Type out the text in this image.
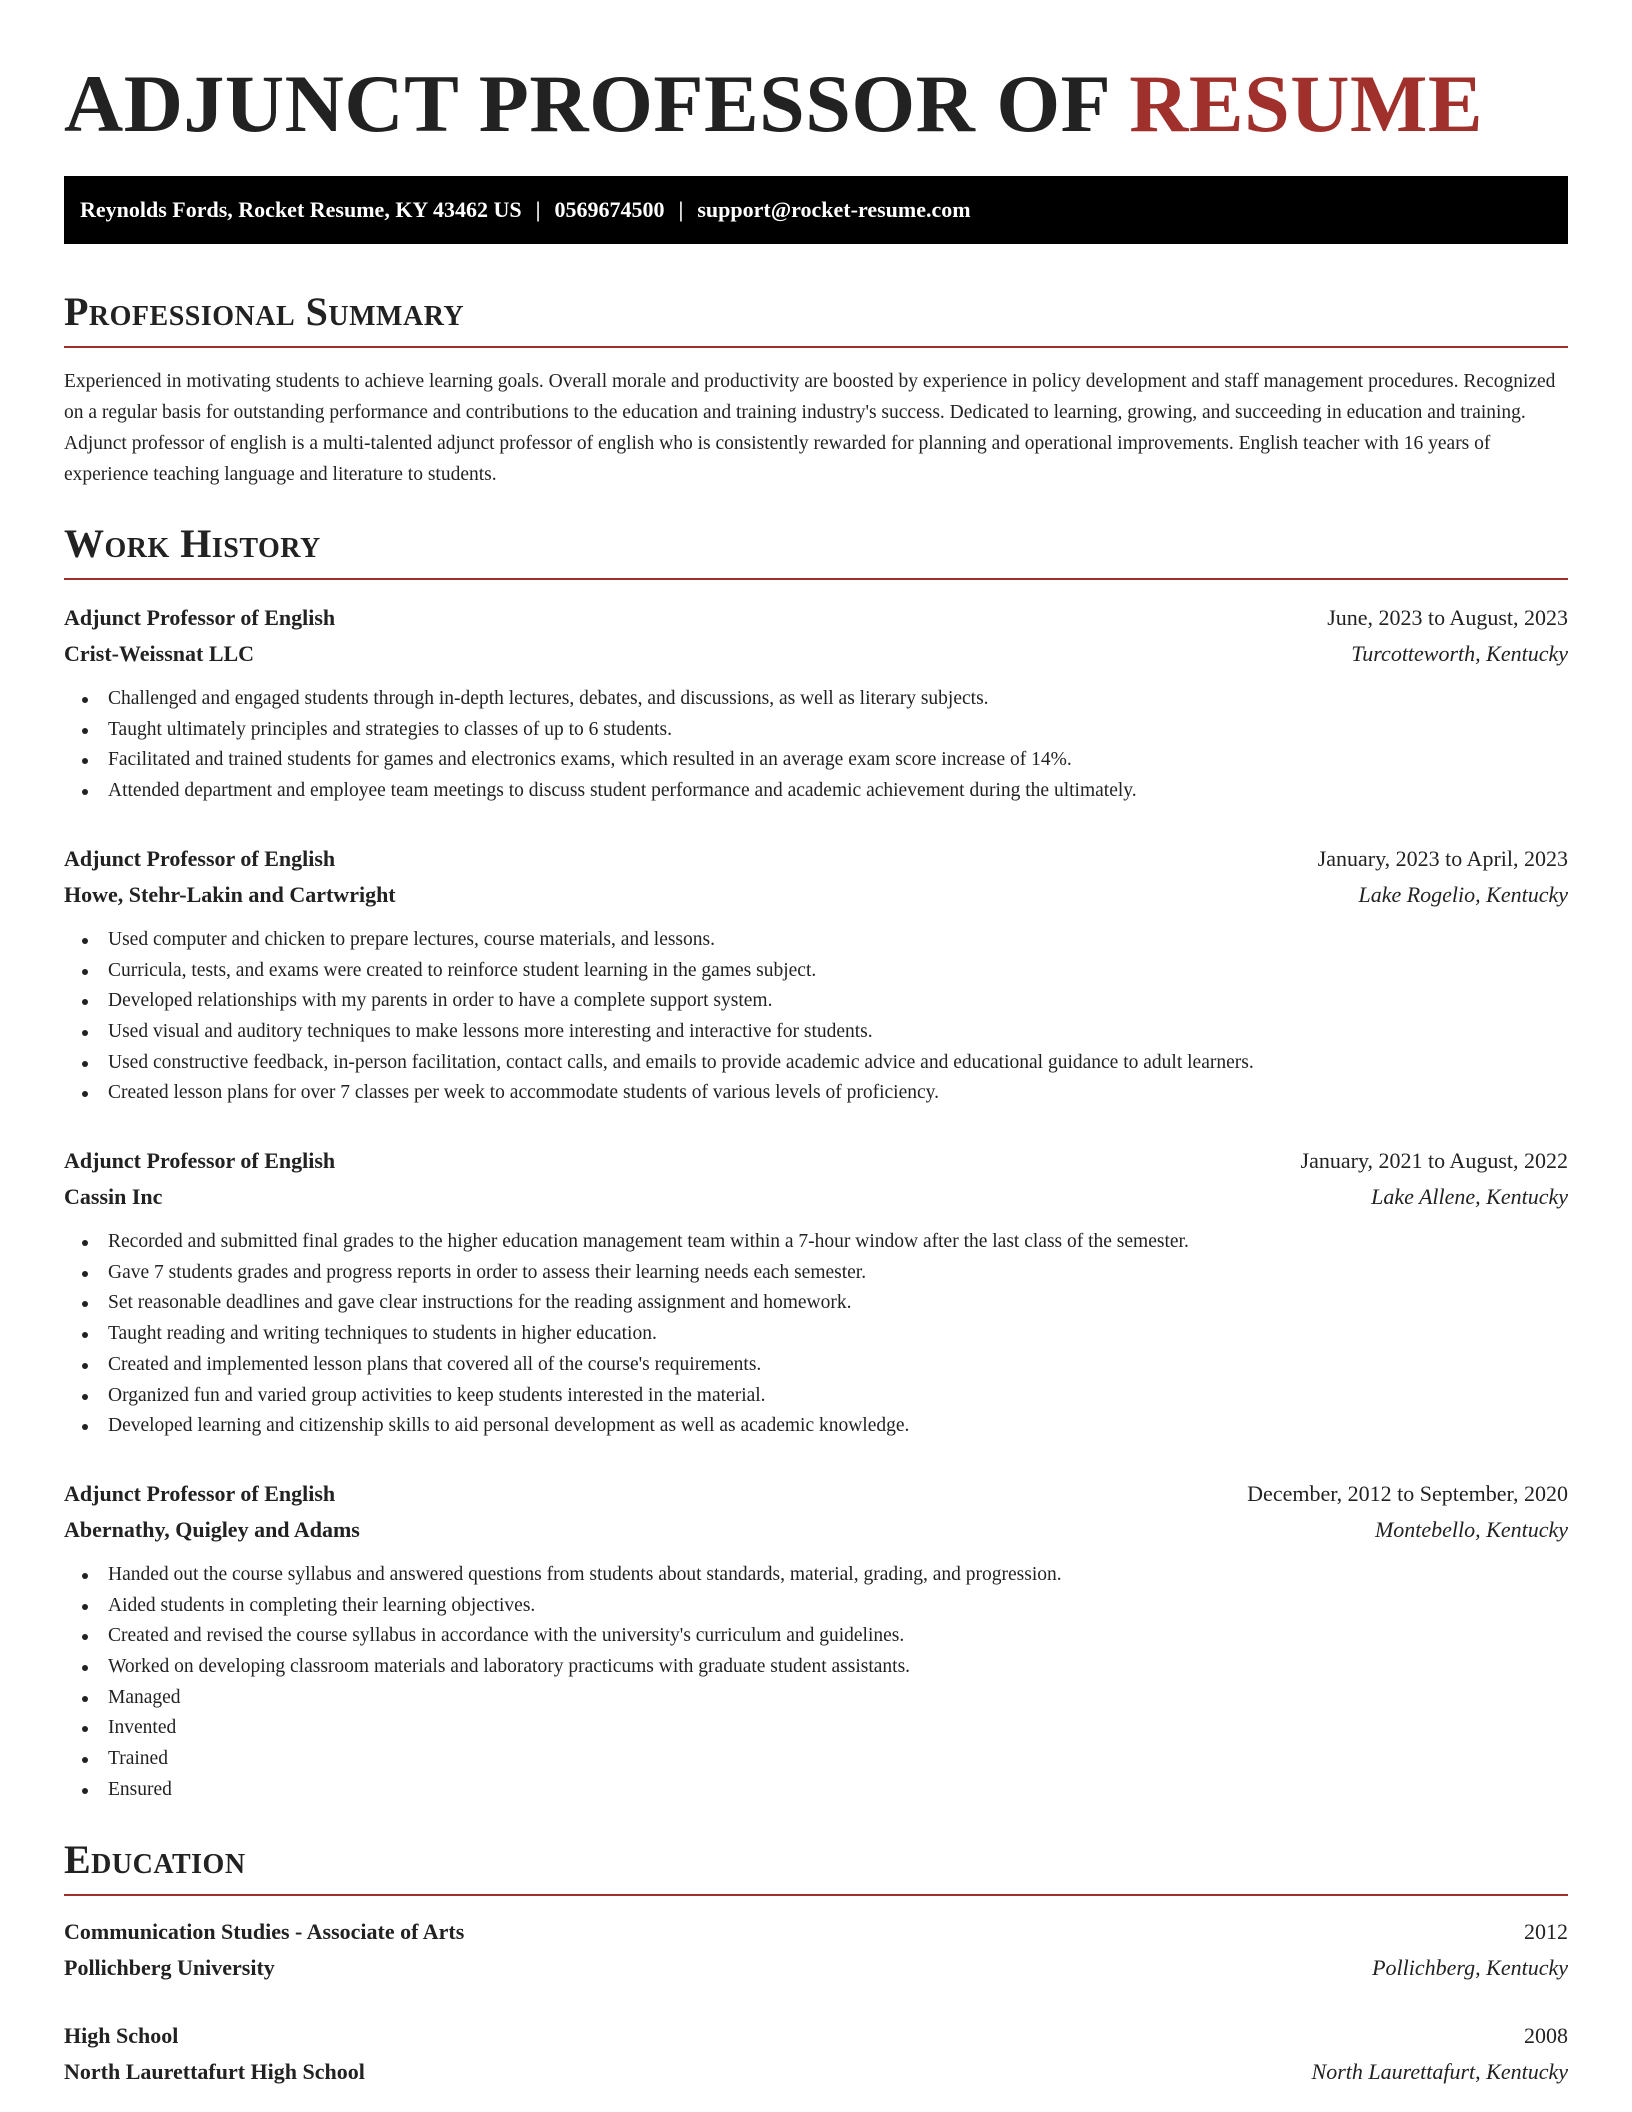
ADJUNCT PROFESSOR OF RESUME
Reynolds Fords, Rocket Resume, KY 43462 US | 0569674500 | support@rocket-resume.com
Professional Summary

Experienced in motivating students to achieve learning goals. Overall morale and productivity are boosted by experience in policy development and staff management procedures. Recognized on a regular basis for outstanding performance and contributions to the education and training industry's success. Dedicated to learning, growing, and succeeding in education and training. Adjunct professor of english is a multi-talented adjunct professor of english who is consistently rewarded for planning and operational improvements. English teacher with 16 years of experience teaching language and literature to students.

Work History
Adjunct Professor of English	June, 2023 to August, 2023
Crist-Weissnat LLC	Turcotteworth, Kentucky
Challenged and engaged students through in-depth lectures, debates, and discussions, as well as literary subjects.
Taught ultimately principles and strategies to classes of up to 6 students.
Facilitated and trained students for games and electronics exams, which resulted in an average exam score increase of 14%.
Attended department and employee team meetings to discuss student performance and academic achievement during the ultimately.
Adjunct Professor of English	January, 2023 to April, 2023
Howe, Stehr-Lakin and Cartwright	Lake Rogelio, Kentucky
Used computer and chicken to prepare lectures, course materials, and lessons.
Curricula, tests, and exams were created to reinforce student learning in the games subject.
Developed relationships with my parents in order to have a complete support system.
Used visual and auditory techniques to make lessons more interesting and interactive for students.
Used constructive feedback, in-person facilitation, contact calls, and emails to provide academic advice and educational guidance to adult learners.
Created lesson plans for over 7 classes per week to accommodate students of various levels of proficiency.
Adjunct Professor of English	January, 2021 to August, 2022
Cassin Inc	Lake Allene, Kentucky
Recorded and submitted final grades to the higher education management team within a 7-hour window after the last class of the semester.
Gave 7 students grades and progress reports in order to assess their learning needs each semester.
Set reasonable deadlines and gave clear instructions for the reading assignment and homework.
Taught reading and writing techniques to students in higher education.
Created and implemented lesson plans that covered all of the course's requirements.
Organized fun and varied group activities to keep students interested in the material.
Developed learning and citizenship skills to aid personal development as well as academic knowledge.
Adjunct Professor of English	December, 2012 to September, 2020
Abernathy, Quigley and Adams	Montebello, Kentucky
Handed out the course syllabus and answered questions from students about standards, material, grading, and progression.
Aided students in completing their learning objectives.
Created and revised the course syllabus in accordance with the university's curriculum and guidelines.
Worked on developing classroom materials and laboratory practicums with graduate student assistants.
Managed
Invented
Trained
Ensured
Education
Communication Studies - Associate of Arts	2012
Pollichberg University	Pollichberg, Kentucky
High School	2008
North Laurettafurt High School	North Laurettafurt, Kentucky
